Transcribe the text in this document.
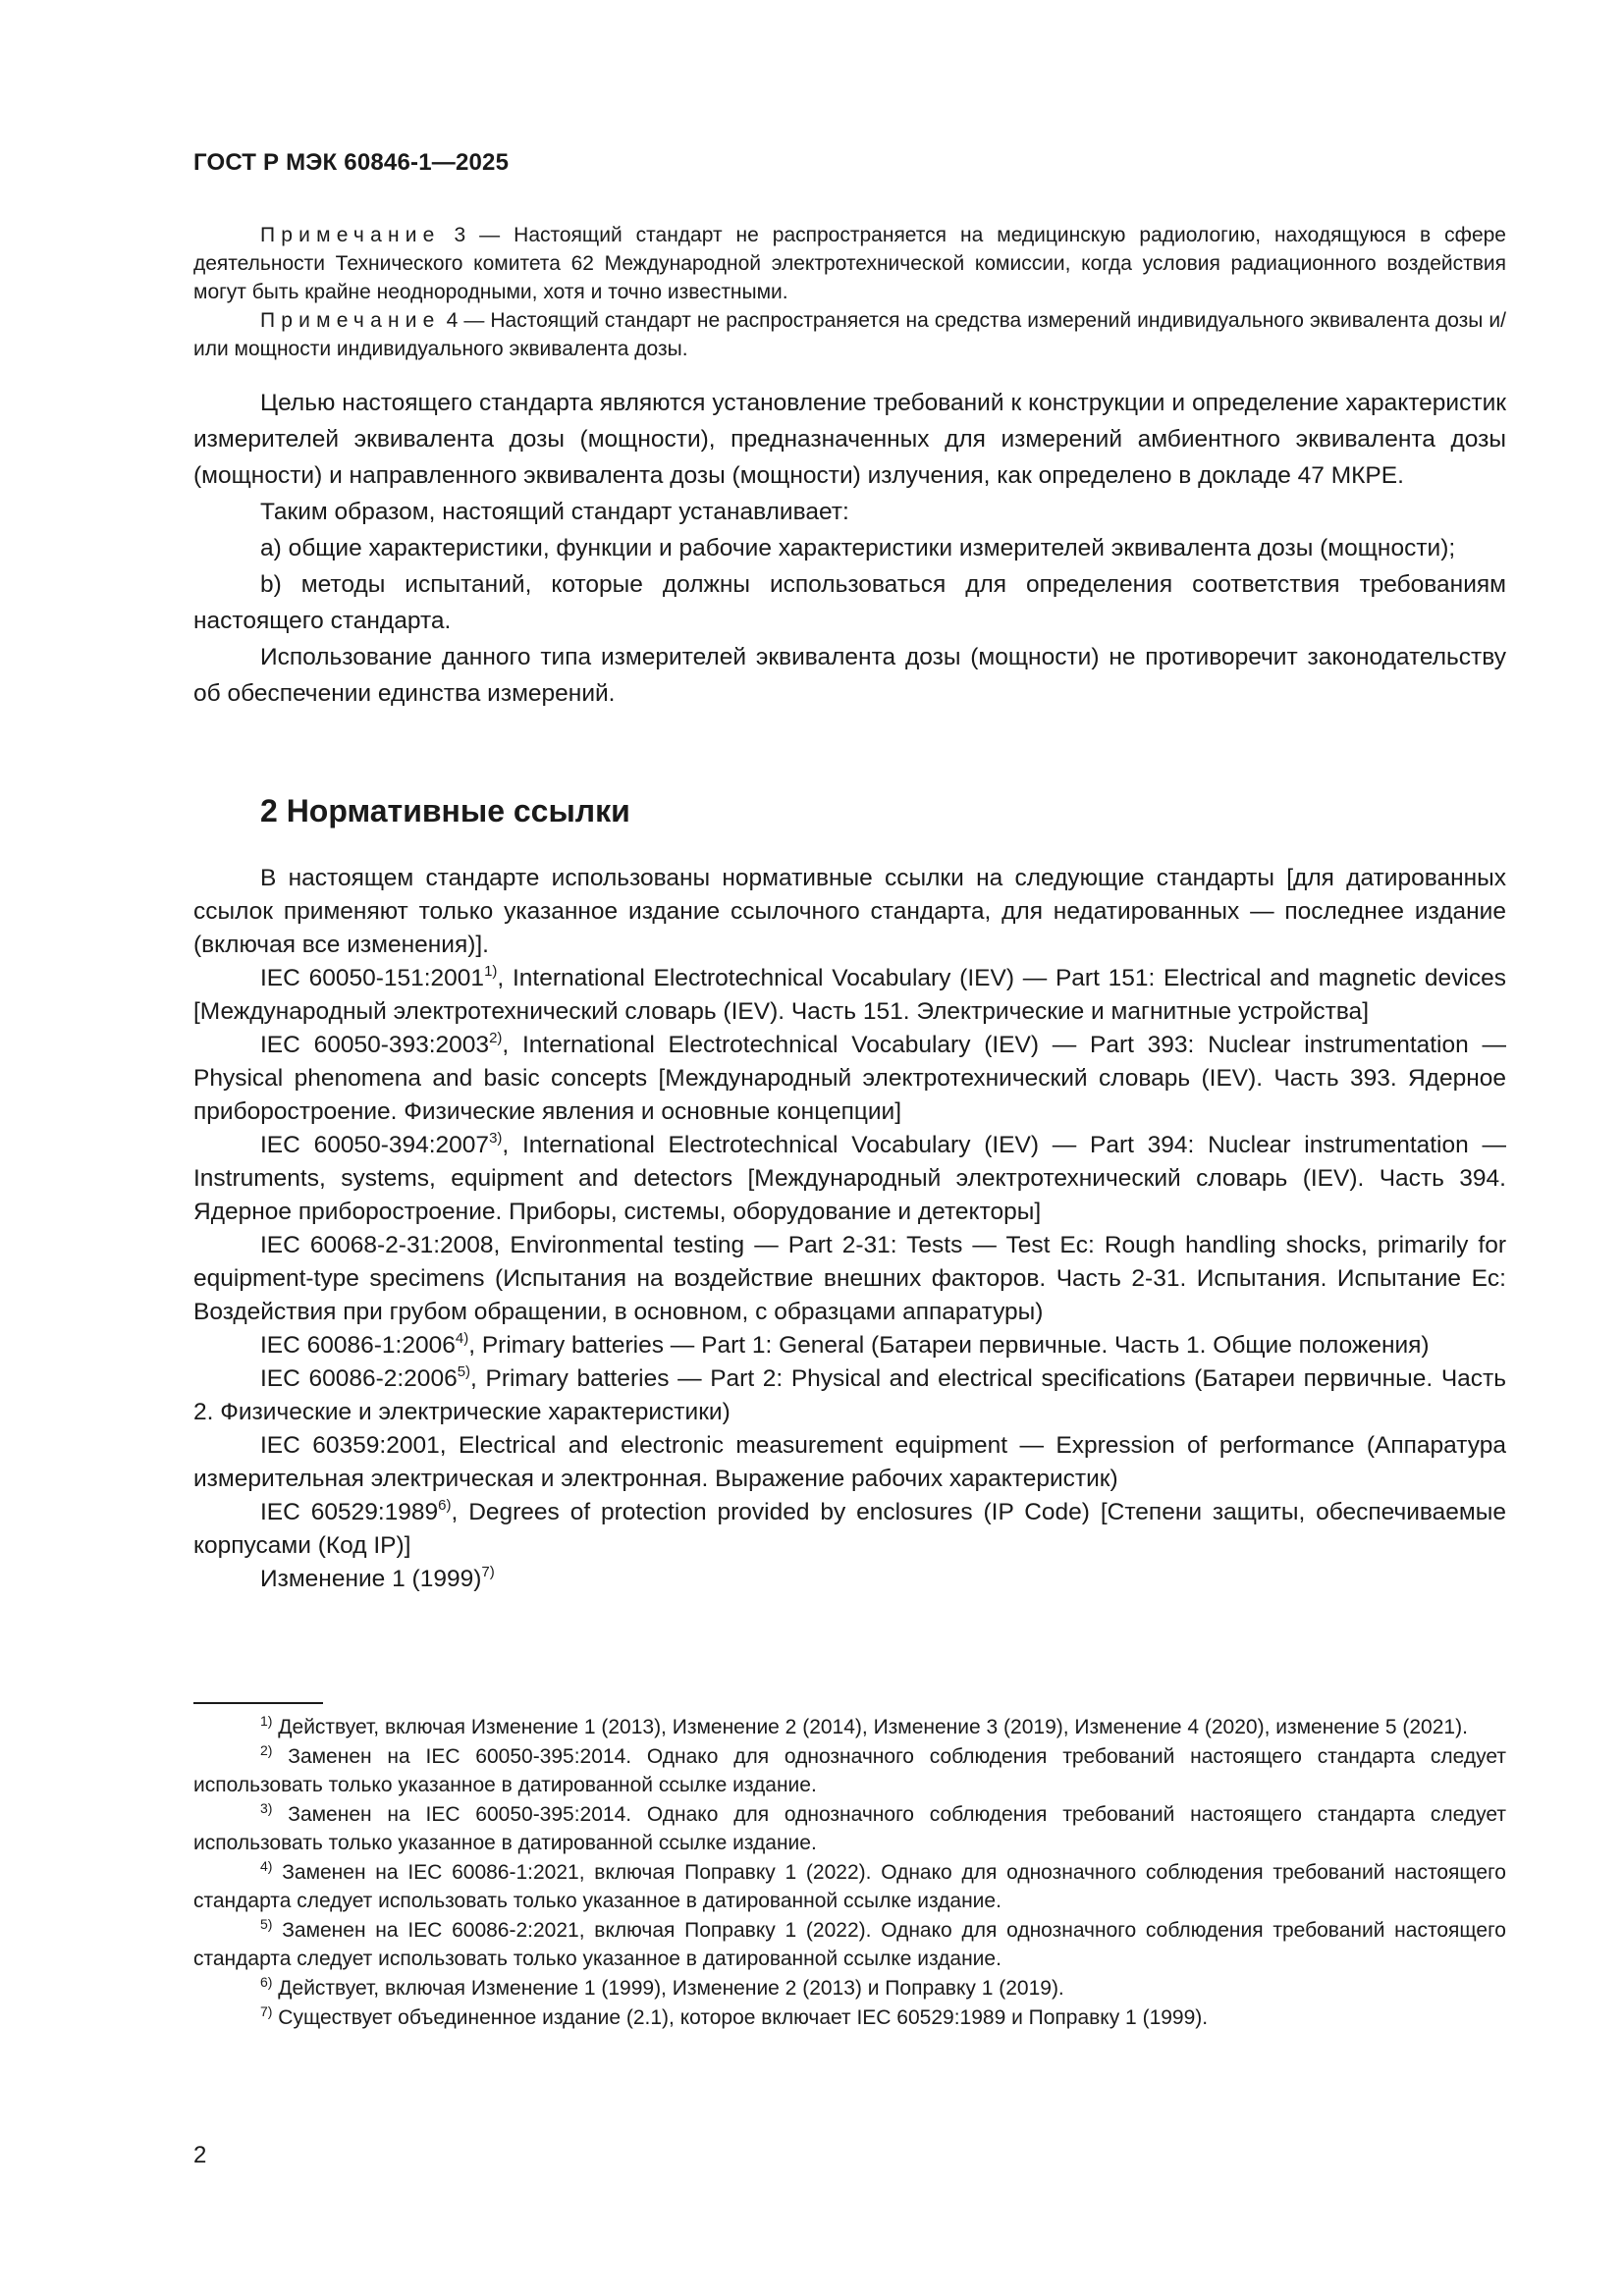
ГОСТ Р МЭК 60846-1—2025

Примечание 3 — Настоящий стандарт не распространяется на медицинскую радиологию, находящуюся в сфере деятельности Технического комитета 62 Международной электротехнической комиссии, когда условия радиационного воздействия могут быть крайне неоднородными, хотя и точно известными.

Примечание 4 — Настоящий стандарт не распространяется на средства измерений индивидуального эквивалента дозы и/или мощности индивидуального эквивалента дозы.

Целью настоящего стандарта являются установление требований к конструкции и определение характеристик измерителей эквивалента дозы (мощности), предназначенных для измерений амбиентного эквивалента дозы (мощности) и направленного эквивалента дозы (мощности) излучения, как определено в докладе 47 МКРЕ.

Таким образом, настоящий стандарт устанавливает:

a) общие характеристики, функции и рабочие характеристики измерителей эквивалента дозы (мощности);

b) методы испытаний, которые должны использоваться для определения соответствия требованиям настоящего стандарта.

Использование данного типа измерителей эквивалента дозы (мощности) не противоречит законодательству об обеспечении единства измерений.

2 Нормативные ссылки

В настоящем стандарте использованы нормативные ссылки на следующие стандарты [для датированных ссылок применяют только указанное издание ссылочного стандарта, для недатированных — последнее издание (включая все изменения)].

IEC 60050-151:2001$^{1)}$, International Electrotechnical Vocabulary (IEV) — Part 151: Electrical and magnetic devices [Международный электротехнический словарь (IEV). Часть 151. Электрические и магнитные устройства]

IEC 60050-393:2003$^{2)}$, International Electrotechnical Vocabulary (IEV) — Part 393: Nuclear instrumentation — Physical phenomena and basic concepts [Международный электротехнический словарь (IEV). Часть 393. Ядерное приборостроение. Физические явления и основные концепции]

IEC 60050-394:2007$^{3)}$, International Electrotechnical Vocabulary (IEV) — Part 394: Nuclear instrumentation — Instruments, systems, equipment and detectors [Международный электротехнический словарь (IEV). Часть 394. Ядерное приборостроение. Приборы, системы, оборудование и детекторы]

IEC 60068-2-31:2008, Environmental testing — Part 2-31: Tests — Test Ec: Rough handling shocks, primarily for equipment-type specimens (Испытания на воздействие внешних факторов. Часть 2-31. Испытания. Испытание Ec: Воздействия при грубом обращении, в основном, с образцами аппаратуры)

IEC 60086-1:2006$^{4)}$, Primary batteries — Part 1: General (Батареи первичные. Часть 1. Общие положения)

IEC 60086-2:2006$^{5)}$, Primary batteries — Part 2: Physical and electrical specifications (Батареи первичные. Часть 2. Физические и электрические характеристики)

IEC 60359:2001, Electrical and electronic measurement equipment — Expression of performance (Аппаратура измерительная электрическая и электронная. Выражение рабочих характеристик)

IEC 60529:1989$^{6)}$, Degrees of protection provided by enclosures (IP Code) [Степени защиты, обеспечиваемые корпусами (Код IP)]

Изменение 1 $(1999)^{7)}$

$^{1)}$ Действует, включая Изменение 1 (2013), Изменение 2 (2014), Изменение 3 (2019), Изменение 4 (2020), изменение 5 (2021).

$^{2)}$ Заменен на IEC 60050-395:2014. Однако для однозначного соблюдения требований настоящего стандарта следует использовать только указанное в датированной ссылке издание.

$^{3)}$ Заменен на IEC 60050-395:2014. Однако для однозначного соблюдения требований настоящего стандарта следует использовать только указанное в датированной ссылке издание.

$^{4)}$ Заменен на IEC 60086-1:2021, включая Поправку 1 (2022). Однако для однозначного соблюдения требований настоящего стандарта следует использовать только указанное в датированной ссылке издание.

$^{5)}$ Заменен на IEC 60086-2:2021, включая Поправку 1 (2022). Однако для однозначного соблюдения требований настоящего стандарта следует использовать только указанное в датированной ссылке издание.

$^{6)}$ Действует, включая Изменение 1 (1999), Изменение 2 (2013) и Поправку 1 (2019).

$^{7)}$ Существует объединенное издание (2.1), которое включает IEC 60529:1989 и Поправку 1 (1999).

2
